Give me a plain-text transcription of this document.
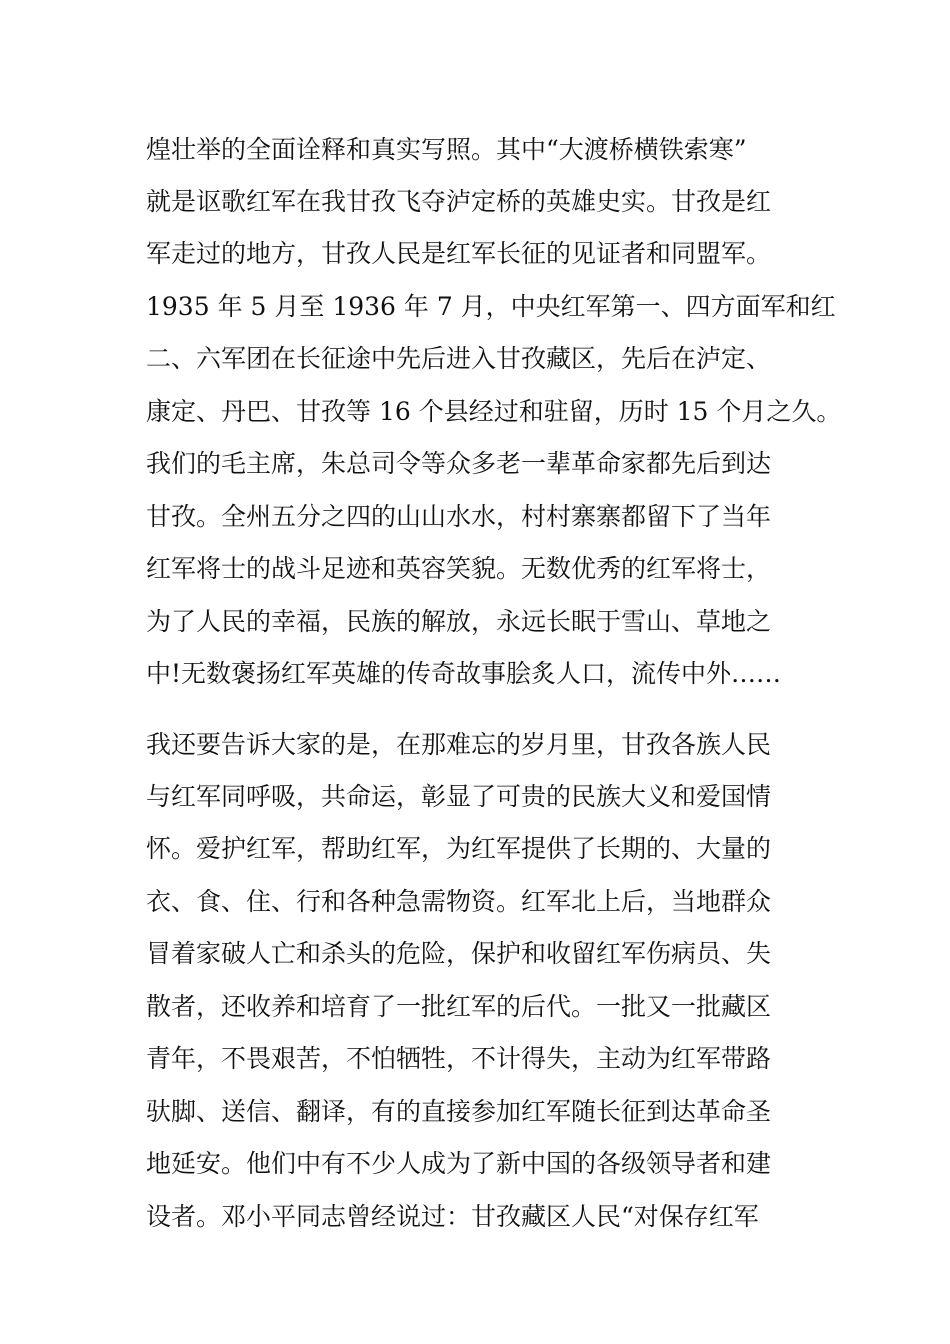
煌壮举的全面诠释和真实写照。其中“大渡桥横铁索寒”
就是讴歌红军在我甘孜飞夺泸定桥的英雄史实。甘孜是红
军走过的地方，甘孜人民是红军长征的见证者和同盟军。
1935 年 5 月至 1936 年 7 月，中央红军第一、四方面军和红
二、六军团在长征途中先后进入甘孜藏区，先后在泸定、
康定、丹巴、甘孜等 16 个县经过和驻留，历时 15 个月之久。
我们的毛主席，朱总司令等众多老一辈革命家都先后到达
甘孜。全州五分之四的山山水水，村村寨寨都留下了当年
红军将士的战斗足迹和英容笑貌。无数优秀的红军将士，
为了人民的幸福，民族的解放，永远长眠于雪山、草地之
中!无数褒扬红军英雄的传奇故事脍炙人口，流传中外……
我还要告诉大家的是，在那难忘的岁月里，甘孜各族人民
与红军同呼吸，共命运，彰显了可贵的民族大义和爱国情
怀。爱护红军，帮助红军，为红军提供了长期的、大量的
衣、食、住、行和各种急需物资。红军北上后，当地群众
冒着家破人亡和杀头的危险，保护和收留红军伤病员、失
散者，还收养和培育了一批红军的后代。一批又一批藏区
青年，不畏艰苦，不怕牺牲，不计得失，主动为红军带路
驮脚、送信、翻译，有的直接参加红军随长征到达革命圣
地延安。他们中有不少人成为了新中国的各级领导者和建
设者。邓小平同志曾经说过：甘孜藏区人民“对保存红军
